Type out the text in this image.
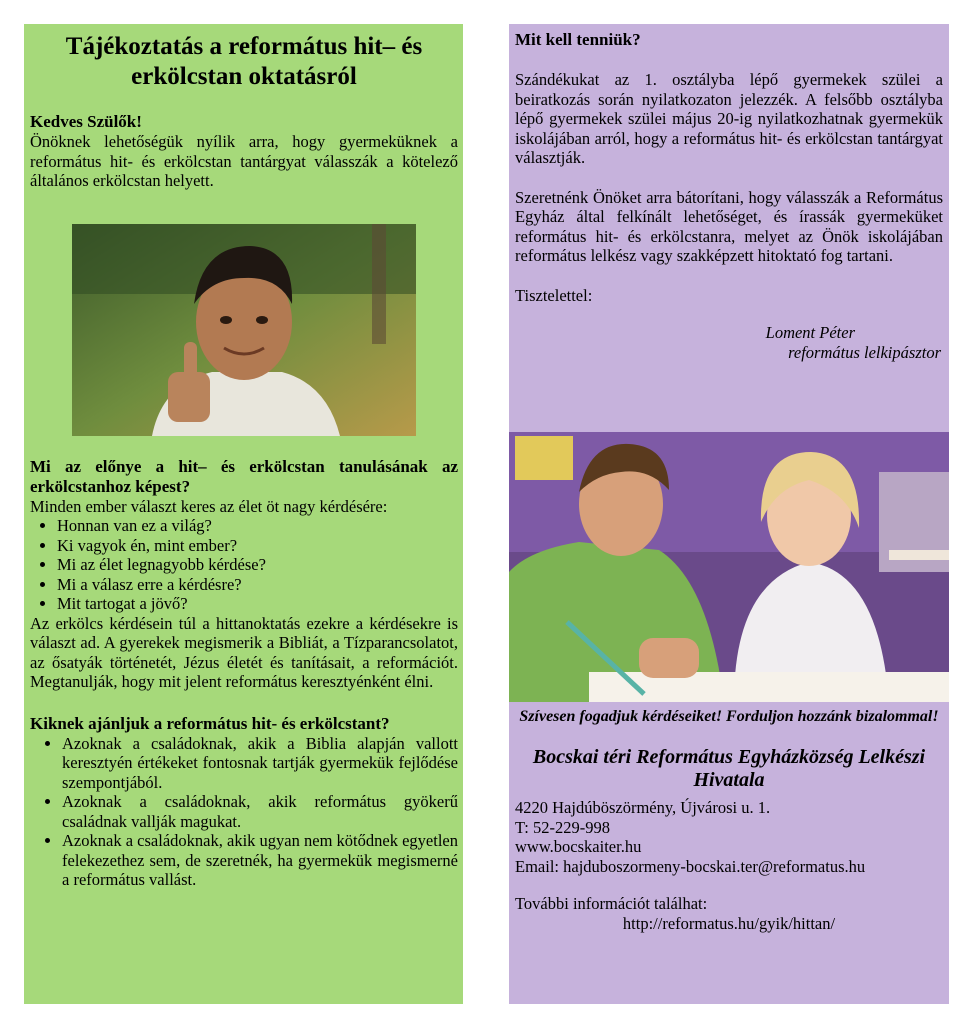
Tájékoztatás a református hit– és erkölcstan oktatásról
Kedves Szülők!

Önöknek lehetőségük nyílik arra, hogy gyermeküknek a református hit- és erkölcstan tantárgyat válasszák a kötelező általános erkölcstan helyett.

Mi az előnye a hit– és erkölcstan tanulásának az erkölcstanhoz képest?

Minden ember választ keres az élet öt nagy kérdésére:

• Honnan van ez a világ?
• Ki vagyok én, mint ember?
• Mi az élet legnagyobb kérdése?
• Mi a válasz erre a kérdésre?
• Mit tartogat a jövő?

Az erkölcs kérdésein túl a hittanoktatás ezekre a kérdésekre is választ ad. A gyerekek megismerik a Bibliát, a Tízparancsolatot, az ősatyák történetét, Jézus életét és tanításait, a reformációt. Megtanulják, hogy mit jelent református keresztyénként élni.

Kiknek ajánljuk a református hit- és erkölcstant?
• Azoknak a családoknak, akik a Biblia alapján vallott keresztyén értékeket fontosnak tartják gyermekük fejlődése szempontjából.
• Azoknak a családoknak, akik református gyökerű családnak vallják magukat.
• Azoknak a családoknak, akik ugyan nem kötődnek egyetlen felekezethez sem, de szeretnék, ha gyermekük megismerné a református vallást.
Mit kell tenniük?

Szándékukat az 1. osztályba lépő gyermekek szülei a beiratkozás során nyilatkozaton jelezzék. A felsőbb osztályba lépő gyermekek szülei május 20-ig nyilatkozhatnak gyermekük iskolájában arról, hogy a református hit- és erkölcstan tantárgyat választják.

Szeretnénk Önöket arra bátorítani, hogy válasszák a Református Egyház által felkínált lehetőséget, és írassák gyermeküket református hit- és erkölcstanra, melyet az Önök iskolájában református lelkész vagy szakképzett hitoktató fog tartani.

Tisztelettel:

Loment Péter
református lelkipásztor
Szívesen fogadjuk kérdéseiket! Forduljon hozzánk bizalommal!
Bocskai téri Református Egyházközség Lelkészi Hivatala

4220 Hajdúböszörmény, Újvárosi u. 1.

T: 52-229-998

www.bocskaiter.hu

Email: hajduboszormeny-bocskai.ter@reformatus.hu

További információt találhat:

http://reformatus.hu/gyik/hittan/
